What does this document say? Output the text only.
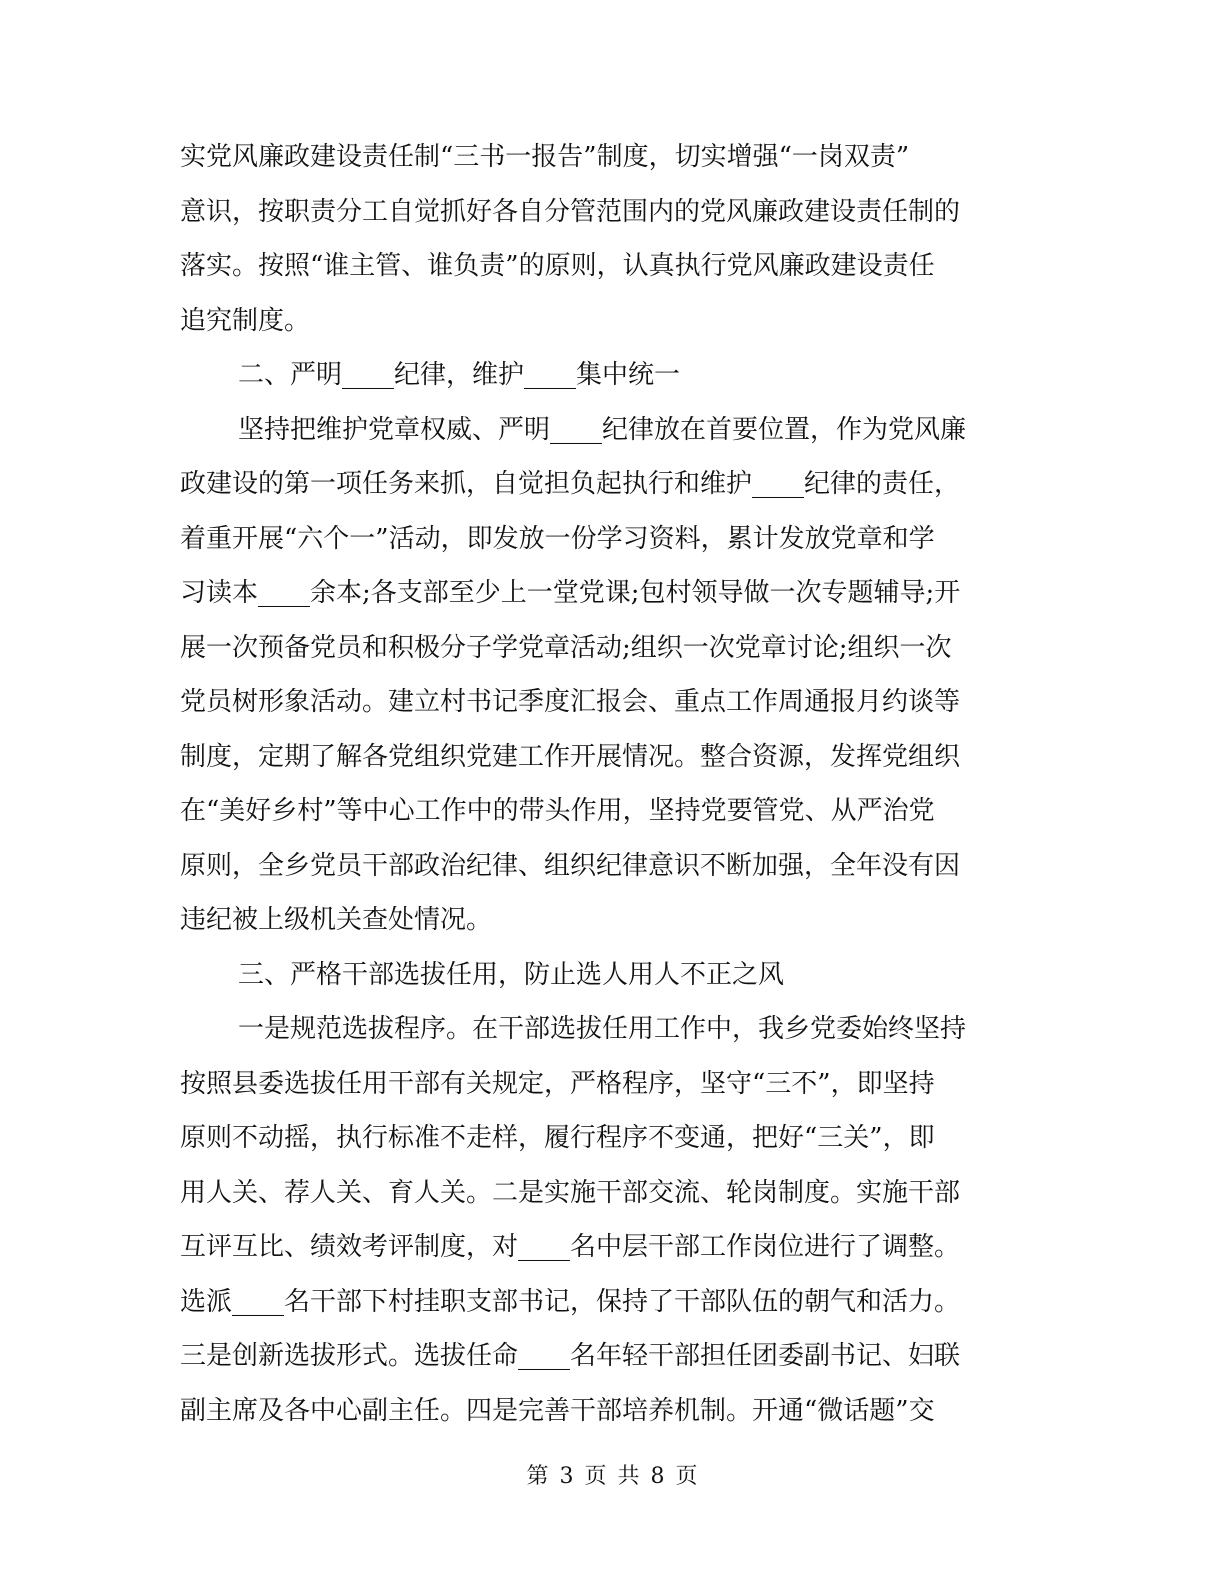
实党风廉政建设责任制“三书一报告”制度，切实增强“一岗双责”
意识，按职责分工自觉抓好各自分管范围内的党风廉政建设责任制的
落实。按照“谁主管、谁负责”的原则，认真执行党风廉政建设责任
追究制度。
二、严明____纪律，维护____集中统一
坚持把维护党章权威、严明____纪律放在首要位置，作为党风廉
政建设的第一项任务来抓，自觉担负起执行和维护____纪律的责任，
着重开展“六个一”活动，即发放一份学习资料，累计发放党章和学
习读本____余本;各支部至少上一堂党课;包村领导做一次专题辅导;开
展一次预备党员和积极分子学党章活动;组织一次党章讨论;组织一次
党员树形象活动。建立村书记季度汇报会、重点工作周通报月约谈等
制度，定期了解各党组织党建工作开展情况。整合资源，发挥党组织
在“美好乡村”等中心工作中的带头作用，坚持党要管党、从严治党
原则，全乡党员干部政治纪律、组织纪律意识不断加强，全年没有因
违纪被上级机关查处情况。
三、严格干部选拔任用，防止选人用人不正之风
一是规范选拔程序。在干部选拔任用工作中，我乡党委始终坚持
按照县委选拔任用干部有关规定，严格程序，坚守“三不”，即坚持
原则不动摇，执行标准不走样，履行程序不变通，把好“三关”，即
用人关、荐人关、育人关。二是实施干部交流、轮岗制度。实施干部
互评互比、绩效考评制度，对____名中层干部工作岗位进行了调整。
选派____名干部下村挂职支部书记，保持了干部队伍的朝气和活力。
三是创新选拔形式。选拔任命____名年轻干部担任团委副书记、妇联
副主席及各中心副主任。四是完善干部培养机制。开通“微话题”交
第 3 页 共 8 页
